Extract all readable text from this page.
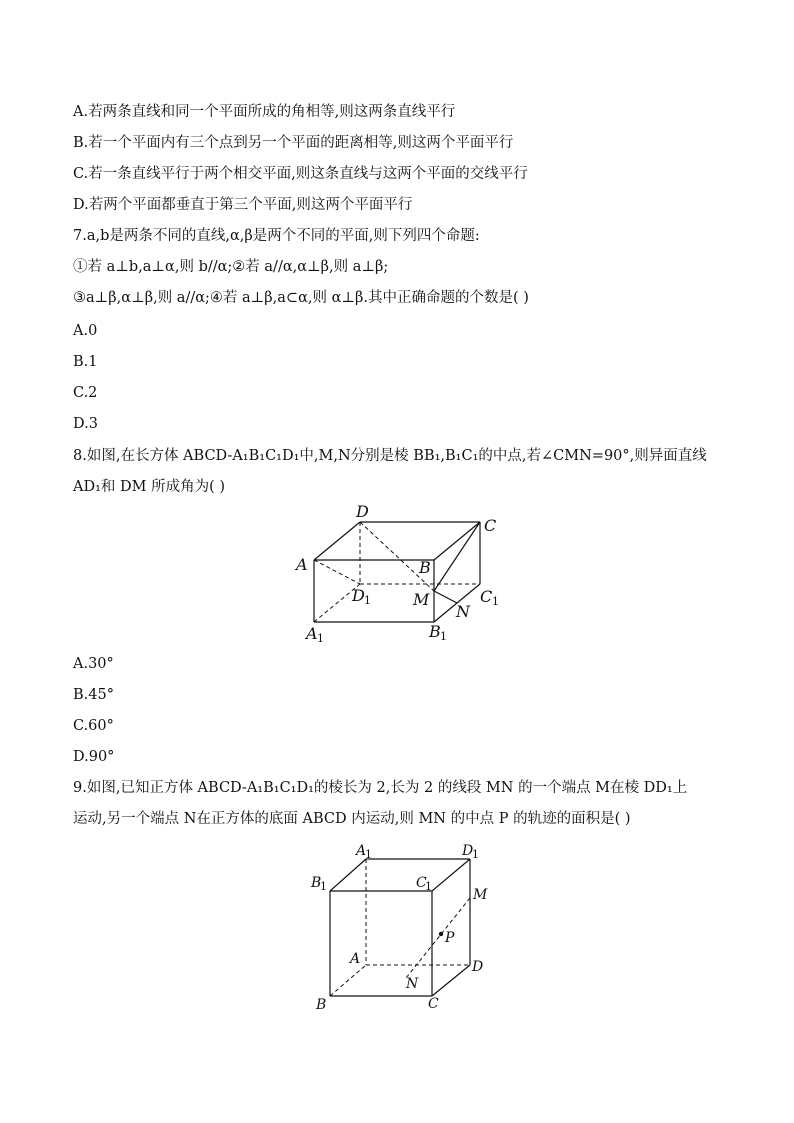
A.若两条直线和同一个平面所成的角相等,则这两条直线平行
B.若一个平面内有三个点到另一个平面的距离相等,则这两个平面平行
C.若一条直线平行于两个相交平面,则这条直线与这两个平面的交线平行
D.若两个平面都垂直于第三个平面,则这两个平面平行
7.a,b是两条不同的直线,α,β是两个不同的平面,则下列四个命题:
①若 a⊥b,a⊥α,则 b//α;②若 a//α,α⊥β,则 a⊥β;
③a⊥β,α⊥β,则 a//α;④若 a⊥β,a⊂α,则 α⊥β.其中正确命题的个数是( )
A.0
B.1
C.2
D.3
8.如图,在长方体 ABCD-A₁B₁C₁D₁中,M,N分别是棱 BB₁,B₁C₁的中点,若∠CMN=90°,则异面直线
AD₁和 DM 所成角为( )
D
C
A	B
D 1	M	C 1
N
A 1	B 1
A.30°
B.45°
C.60°
D.90°
9.如图,已知正方体 ABCD-A₁B₁C₁D₁的棱长为 2,长为 2 的线段 MN 的一个端点 M在棱 DD₁上
运动,另一个端点 N在正方体的底面 ABCD 内运动,则 MN 的中点 P 的轨迹的面积是( )
A
1	D
1
B
1	C
1
M
P
A	D
N
B	C
